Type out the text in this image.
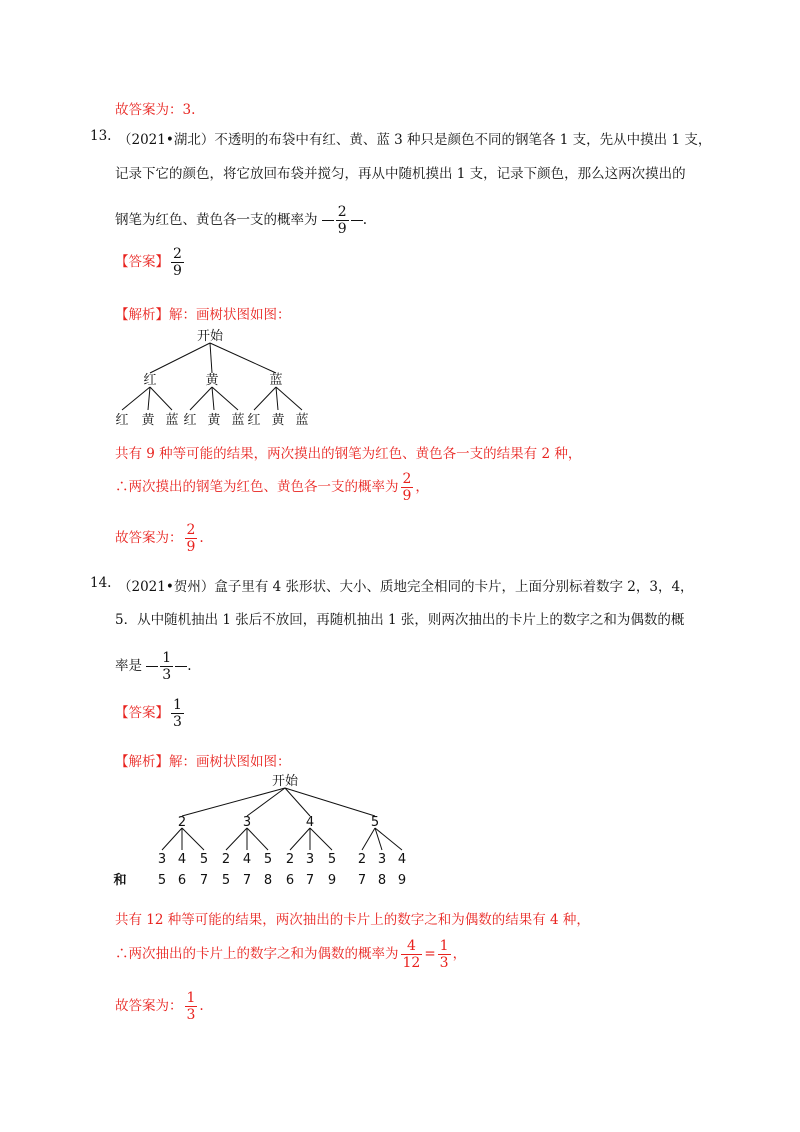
故答案为：3.
13. （2021•湖北）不透明的布袋中有红、黄、蓝 3 种只是颜色不同的钢笔各 1 支，先从中摸出 1 支，
记录下它的颜色，将它放回布袋并搅匀，再从中随机摸出 1 支，记录下颜色，那么这两次摸出的
钢笔为红色、黄色各一支的概率为 $\frac{2}{9}$ .
【答案】 $\frac{2}{9}$
【解析】解：画树状图如图：
开始
红	黄	蓝
红 黄 蓝 红 黄 蓝 红 黄 蓝
共有 9 种等可能的结果，两次摸出的钢笔为红色、黄色各一支的结果有 2 种，
∴两次摸出的钢笔为红色、黄色各一支的概率为 $\frac{2}{9}$ ，
故答案为： $\frac{2}{9}$ .
14. （2021•贺州）盒子里有 4 张形状、大小、质地完全相同的卡片，上面分别标着数字 2，3，4，
5．从中随机抽出 1 张后不放回，再随机抽出 1 张，则两次抽出的卡片上的数字之和为偶数的概
率是 $\frac{1}{3}$ .
【答案】 $\frac{1}{3}$
【解析】解：画树状图如图：
开始
2	3	4	5
3 4 5 2 4 5 2 3 5 2 3 4
和 5 6 7 5 7 8 6 7 9 7 8 9
共有 12 种等可能的结果，两次抽出的卡片上的数字之和为偶数的结果有 4 种，
∴两次抽出的卡片上的数字之和为偶数的概率为 $\frac{4}{12} = \frac{1}{3}$ ，
故答案为： $\frac{1}{3}$ .
